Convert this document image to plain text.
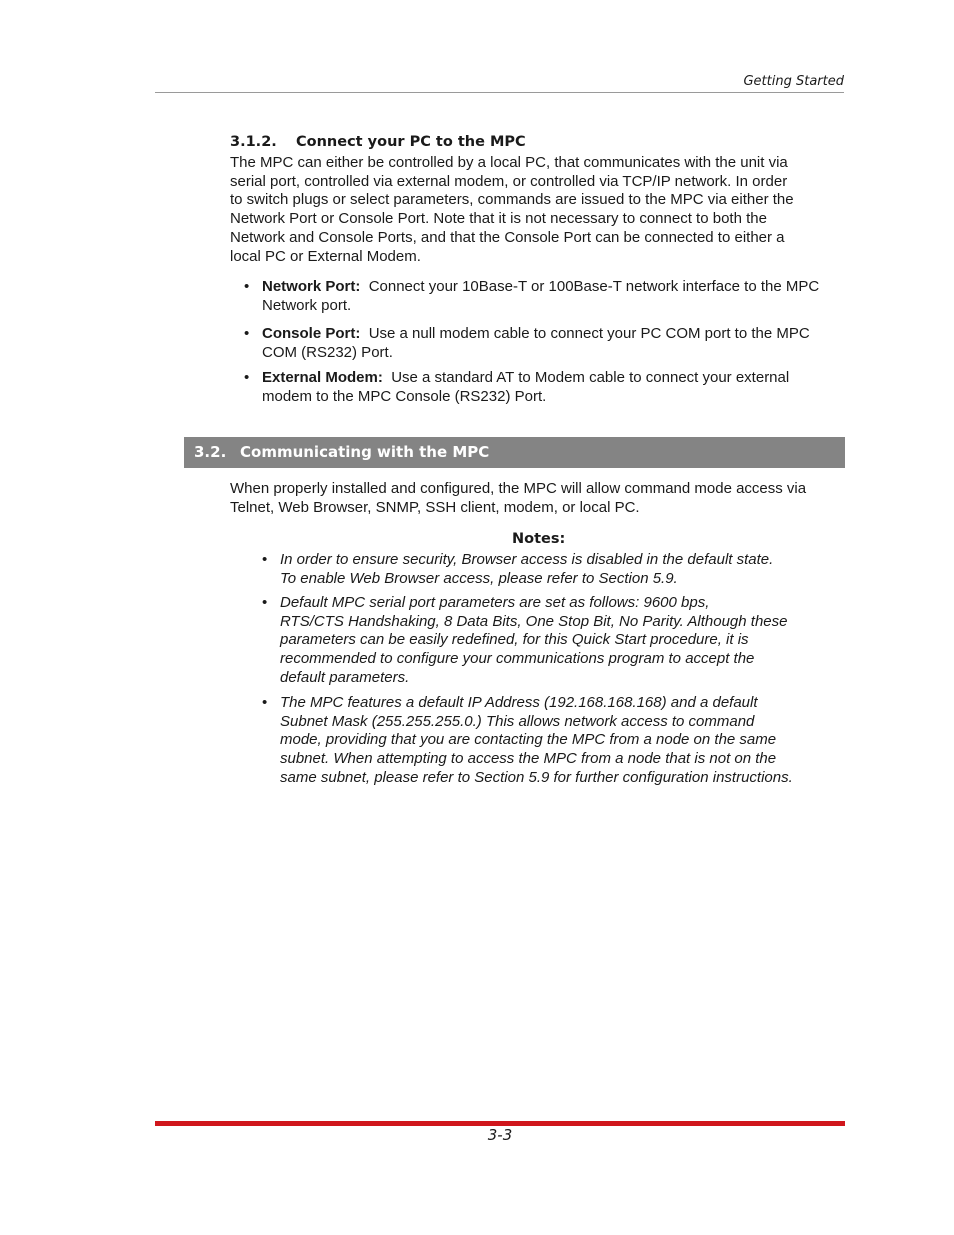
Getting Started
3.1.2. Connect your PC to the MPC

The MPC can either be controlled by a local PC, that communicates with the unit via
serial port, controlled via external modem, or controlled via TCP/IP network. In order
to switch plugs or select parameters, commands are issued to the MPC via either the
Network Port or Console Port. Note that it is not necessary to connect to both the
Network and Console Ports, and that the Console Port can be connected to either a
local PC or External Modem.

• Network Port: Connect your 10Base-T or 100Base-T network interface to the MPC
Network port.
• Console Port: Use a null modem cable to connect your PC COM port to the MPC
COM (RS232) Port.
• External Modem: Use a standard AT to Modem cable to connect your external
modem to the MPC Console (RS232) Port.
3.2. Communicating with the MPC

When properly installed and configured, the MPC will allow command mode access via
Telnet, Web Browser, SNMP, SSH client, modem, or local PC.

Notes:
• In order to ensure security, Browser access is disabled in the default state.
To enable Web Browser access, please refer to Section 5.9.
• Default MPC serial port parameters are set as follows: 9600 bps,
RTS/CTS Handshaking, 8 Data Bits, One Stop Bit, No Parity. Although these
parameters can be easily redefined, for this Quick Start procedure, it is
recommended to configure your communications program to accept the
default parameters.
• The MPC features a default IP Address (192.168.168.168) and a default
Subnet Mask (255.255.255.0.) This allows network access to command
mode, providing that you are contacting the MPC from a node on the same
subnet. When attempting to access the MPC from a node that is not on the
same subnet, please refer to Section 5.9 for further configuration instructions.
3-3
